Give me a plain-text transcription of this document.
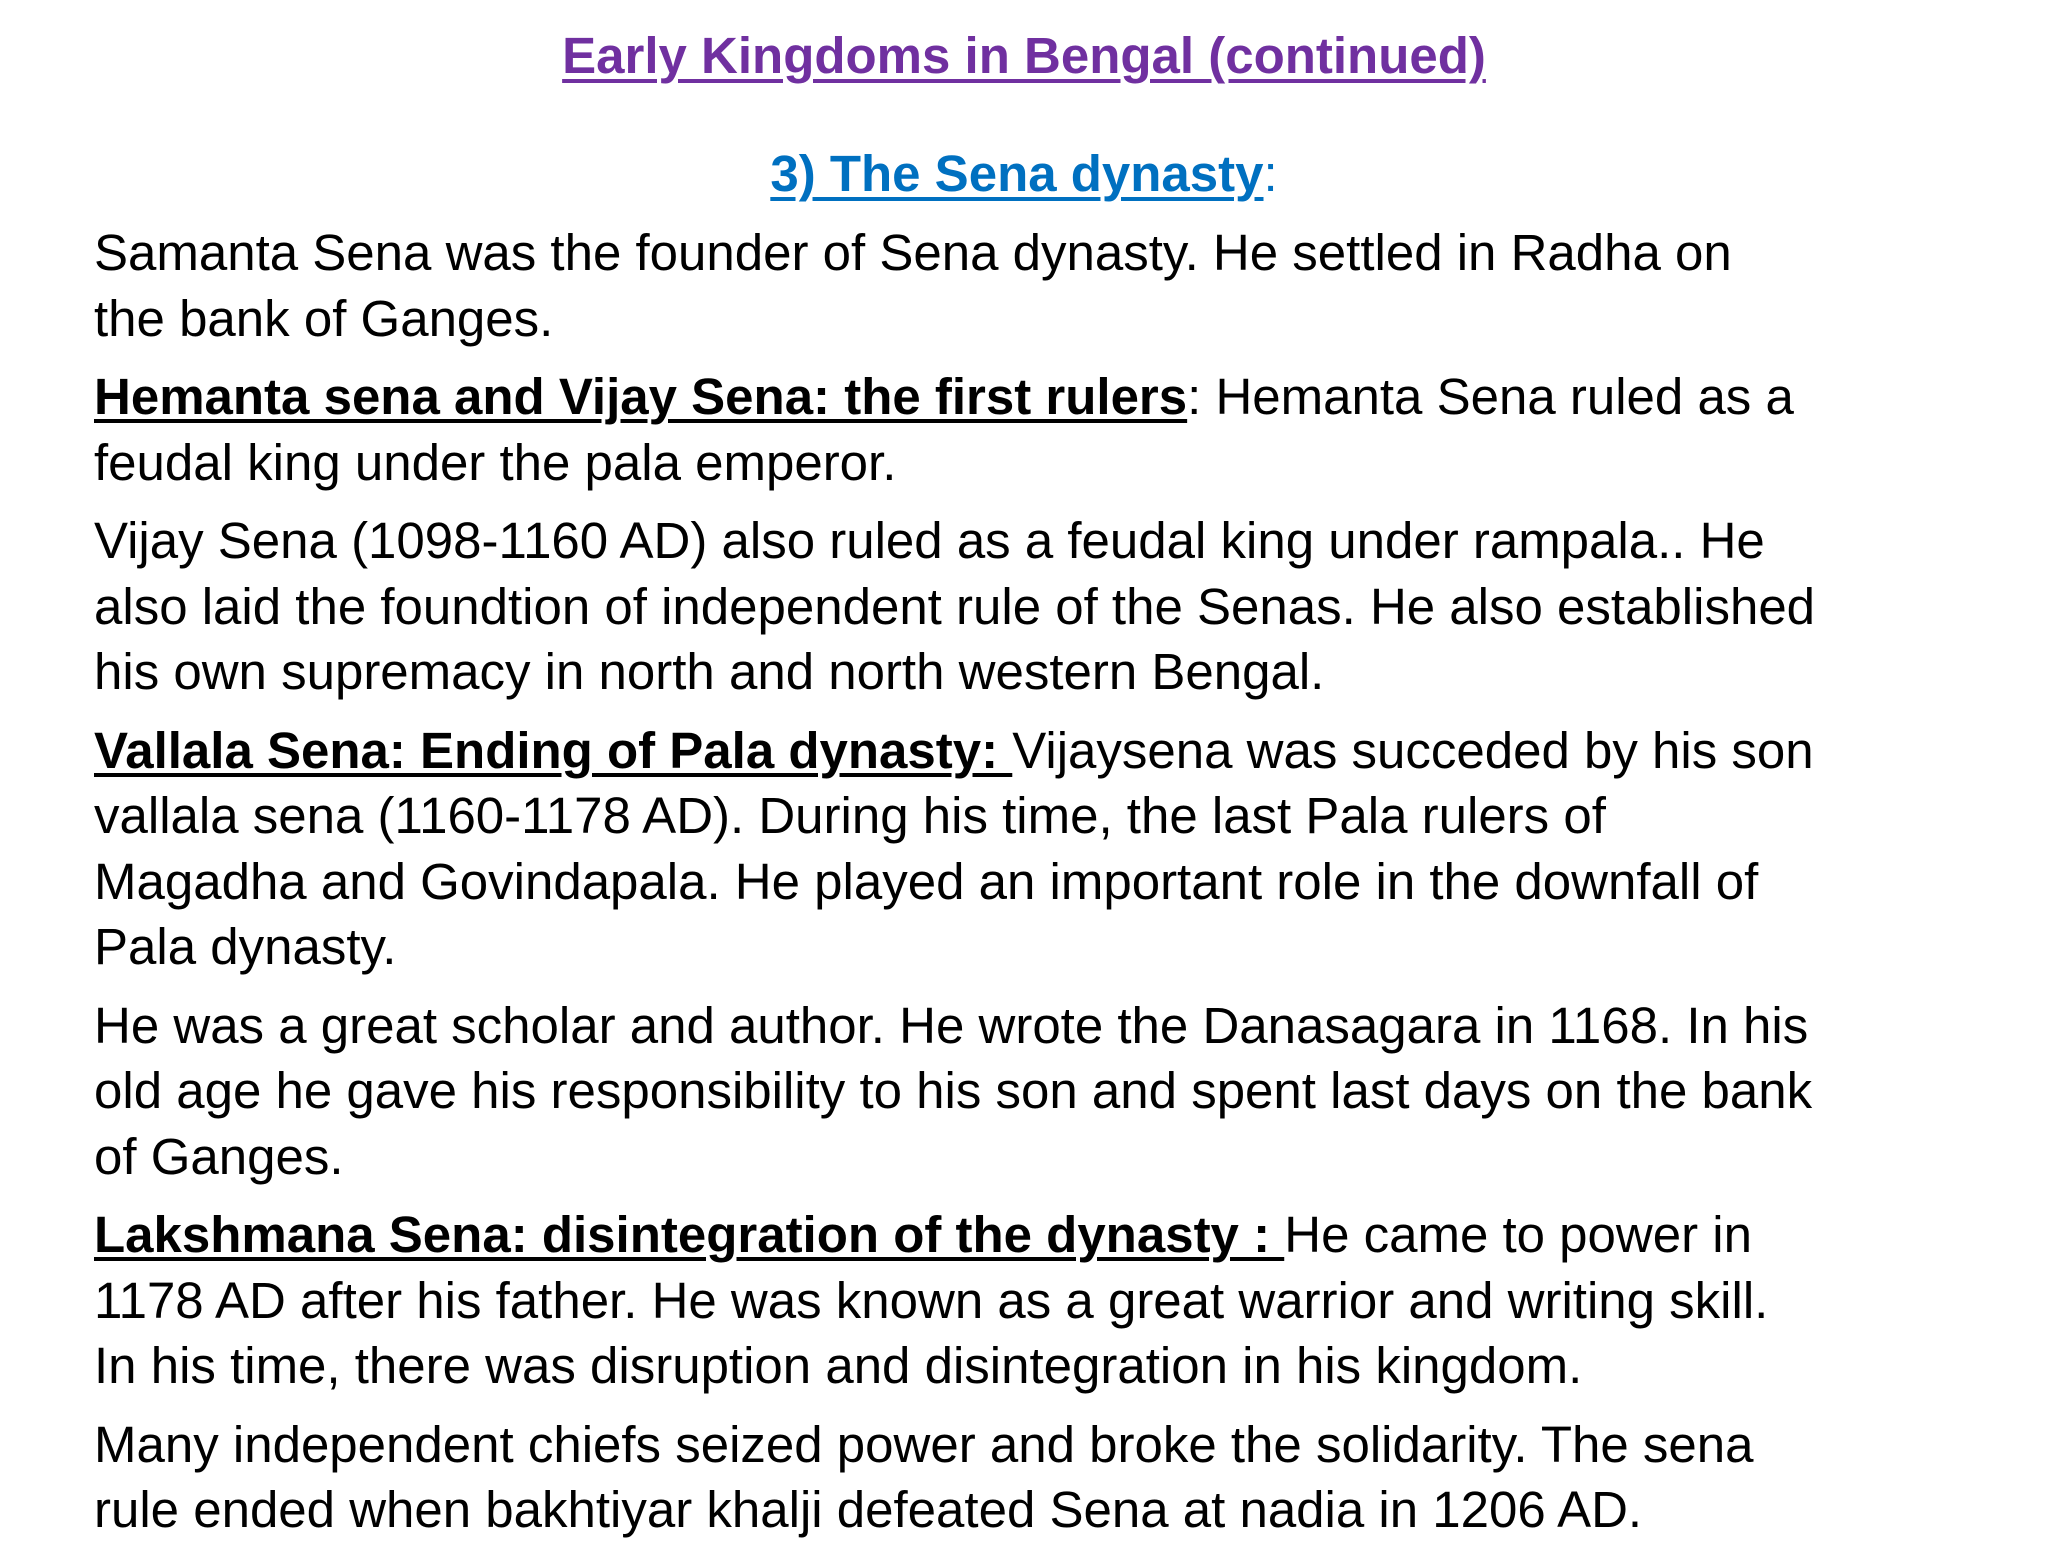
Early Kingdoms in Bengal (continued)
3) The Sena dynasty:

Samanta Sena was the founder of Sena dynasty. He settled in Radha on
the bank of Ganges.

Hemanta sena and Vijay Sena: the first rulers: Hemanta Sena ruled as a
feudal king under the pala emperor.

Vijay Sena (1098-1160 AD) also ruled as a feudal king under rampala.. He
also laid the foundtion of independent rule of the Senas. He also established
his own supremacy in north and north western Bengal.

Vallala Sena: Ending of Pala dynasty: Vijaysena was succeded by his son
vallala sena (1160-1178 AD). During his time, the last Pala rulers of
Magadha and Govindapala. He played an important role in the downfall of
Pala dynasty.

He was a great scholar and author. He wrote the Danasagara in 1168. In his
old age he gave his responsibility to his son and spent last days on the bank
of Ganges.

Lakshmana Sena: disintegration of the dynasty : He came to power in
1178 AD after his father. He was known as a great warrior and writing skill.
In his time, there was disruption and disintegration in his kingdom.

Many independent chiefs seized power and broke the solidarity. The sena
rule ended when bakhtiyar khalji defeated Sena at nadia in 1206 AD.
